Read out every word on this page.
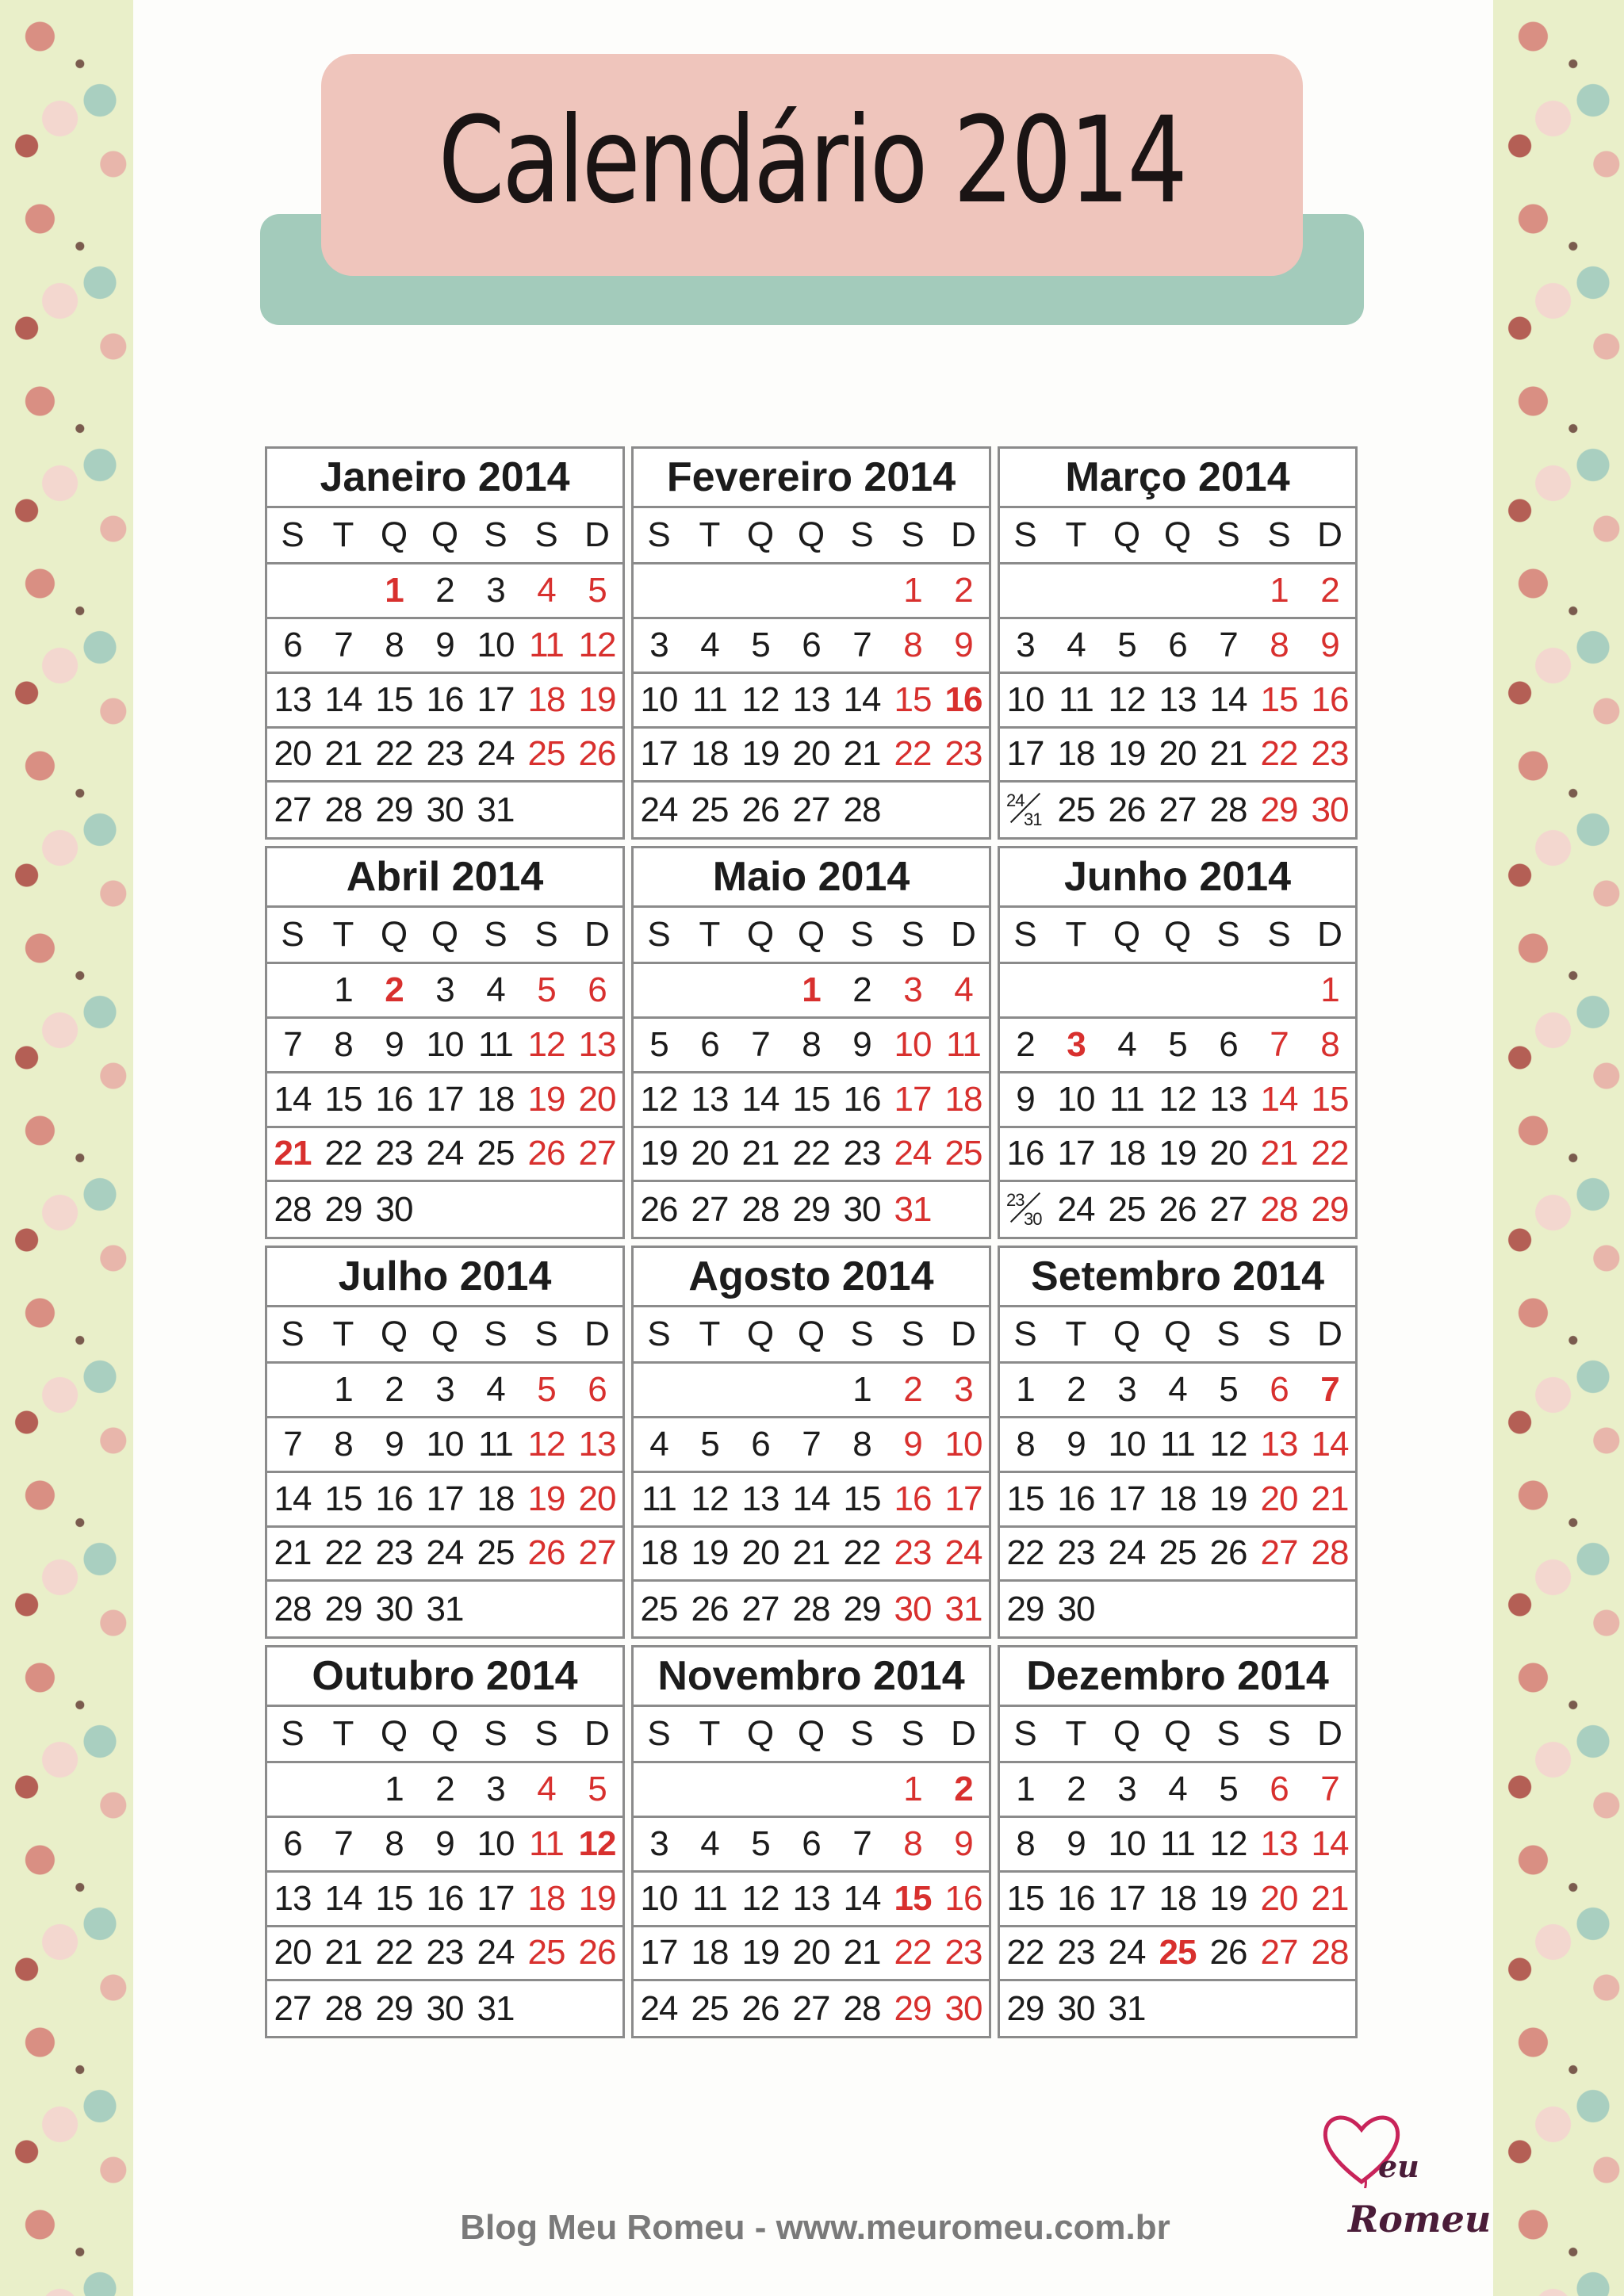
Calendário 2014
Janeiro 2014
S T Q Q S S D
1 2 3 4 5
6 7 8 9 10 11 12
13 14 15 16 17 18 19
20 21 22 23 24 25 26
27 28 29 30 31
Fevereiro 2014
S T Q Q S S D
1 2
3 4 5 6 7 8 9
10 11 12 13 14 15 16
17 18 19 20 21 22 23
24 25 26 27 28
Março 2014
S T Q Q S S D
1 2
3 4 5 6 7 8 9
10 11 12 13 14 15 16
17 18 19 20 21 22 23
24
31 25 26 27 28 29 30
Abril 2014
S T Q Q S S D
1 2 3 4 5 6
7 8 9 10 11 12 13
14 15 16 17 18 19 20
21 22 23 24 25 26 27
28 29 30
Maio 2014
S T Q Q S S D
1 2 3 4
5 6 7 8 9 10 11
12 13 14 15 16 17 18
19 20 21 22 23 24 25
26 27 28 29 30 31
Junho 2014
S T Q Q S S D
1
2 3 4 5 6 7 8
9 10 11 12 13 14 15
16 17 18 19 20 21 22
23
30 24 25 26 27 28 29
Julho 2014
S T Q Q S S D
1 2 3 4 5 6
7 8 9 10 11 12 13
14 15 16 17 18 19 20
21 22 23 24 25 26 27
28 29 30 31
Agosto 2014
S T Q Q S S D
1 2 3
4 5 6 7 8 9 10
11 12 13 14 15 16 17
18 19 20 21 22 23 24
25 26 27 28 29 30 31
Setembro 2014
S T Q Q S S D
1 2 3 4 5 6 7
8 9 10 11 12 13 14
15 16 17 18 19 20 21
22 23 24 25 26 27 28
29 30
Outubro 2014
S T Q Q S S D
1 2 3 4 5
6 7 8 9 10 11 12
13 14 15 16 17 18 19
20 21 22 23 24 25 26
27 28 29 30 31
Novembro 2014
S T Q Q S S D
1 2
3 4 5 6 7 8 9
10 11 12 13 14 15 16
17 18 19 20 21 22 23
24 25 26 27 28 29 30
Dezembro 2014
S T Q Q S S D
1 2 3 4 5 6 7
8 9 10 11 12 13 14
15 16 17 18 19 20 21
22 23 24 25 26 27 28
29 30 31
Blog Meu Romeu - www.meuromeu.com.br
eu
Romeu
